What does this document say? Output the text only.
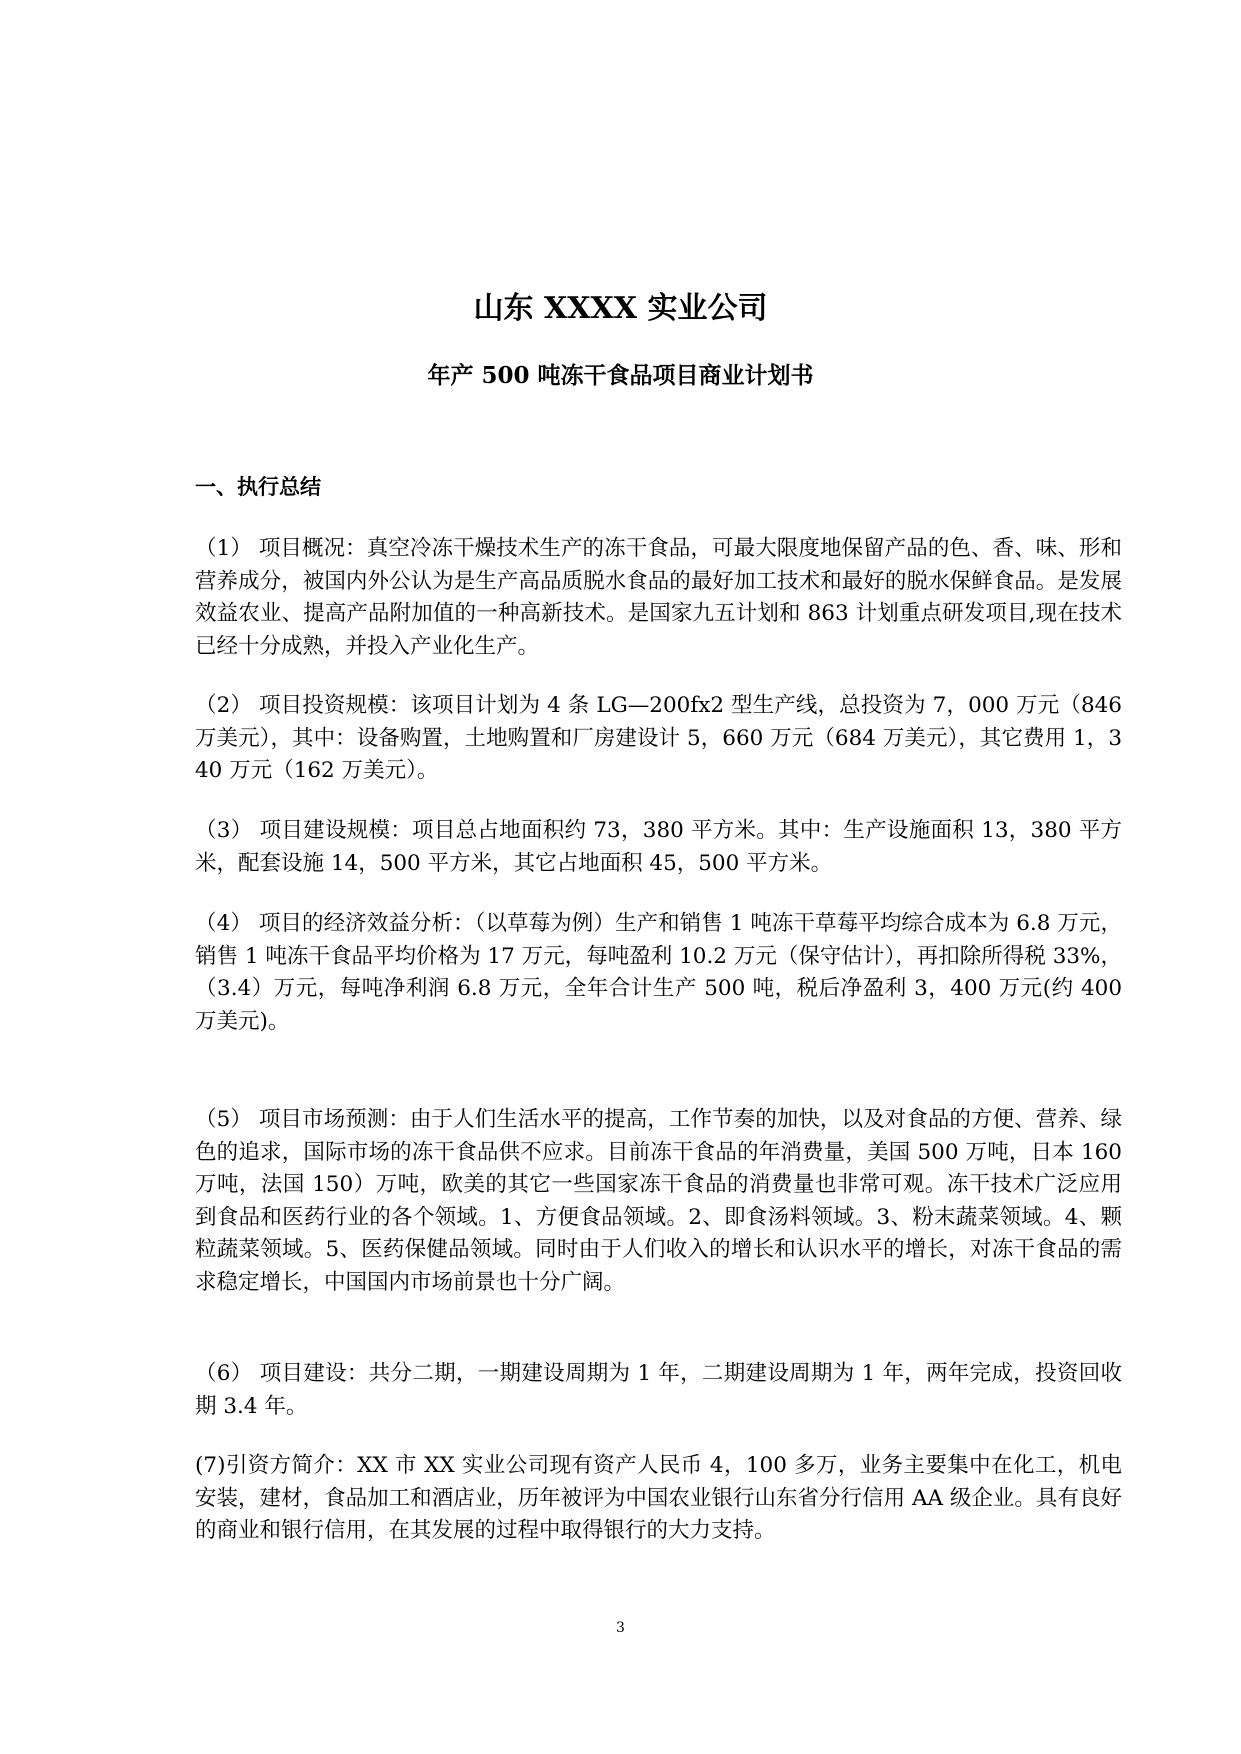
山东 XXXX 实业公司
年产 500 吨冻干食品项目商业计划书
一、执行总结

（1） 项目概况：真空冷冻干燥技术生产的冻干食品，可最大限度地保留产品的色、香、味、形和营养成分，被国内外公认为是生产高品质脱水食品的最好加工技术和最好的脱水保鲜食品。是发展效益农业、提高产品附加值的一种高新技术。是国家九五计划和 863 计划重点研发项目,现在技术已经十分成熟，并投入产业化生产。

（2） 项目投资规模：该项目计划为 4 条 LG—200fx2 型生产线，总投资为 7，000 万元（846 万美元），其中：设备购置，土地购置和厂房建设计 5，660 万元（684 万美元），其它费用 1，340 万元（162 万美元）。

（3） 项目建设规模：项目总占地面积约 73，380 平方米。其中：生产设施面积 13，380 平方米，配套设施 14，500 平方米，其它占地面积 45，500 平方米。

（4） 项目的经济效益分析：（以草莓为例）生产和销售 1 吨冻干草莓平均综合成本为 6.8 万元，销售 1 吨冻干食品平均价格为 17 万元，每吨盈利 10.2 万元（保守估计），再扣除所得税 33%，（3.4）万元，每吨净利润 6.8 万元，全年合计生产 500 吨，税后净盈利 3，400 万元(约 400 万美元)。

（5） 项目市场预测：由于人们生活水平的提高，工作节奏的加快，以及对食品的方便、营养、绿色的追求，国际市场的冻干食品供不应求。目前冻干食品的年消费量，美国 500 万吨，日本 160 万吨，法国 150）万吨，欧美的其它一些国家冻干食品的消费量也非常可观。冻干技术广泛应用到食品和医药行业的各个领域。1、方便食品领域。2、即食汤料领域。3、粉末蔬菜领域。4、颗粒蔬菜领域。5、医药保健品领域。同时由于人们收入的增长和认识水平的增长，对冻干食品的需求稳定增长，中国国内市场前景也十分广阔。

（6） 项目建设：共分二期，一期建设周期为 1 年，二期建设周期为 1 年，两年完成，投资回收期 3.4 年。

(7)引资方简介：XX 市 XX 实业公司现有资产人民币 4，100 多万，业务主要集中在化工，机电安装，建材，食品加工和酒店业，历年被评为中国农业银行山东省分行信用 AA 级企业。具有良好的商业和银行信用，在其发展的过程中取得银行的大力支持。

3
